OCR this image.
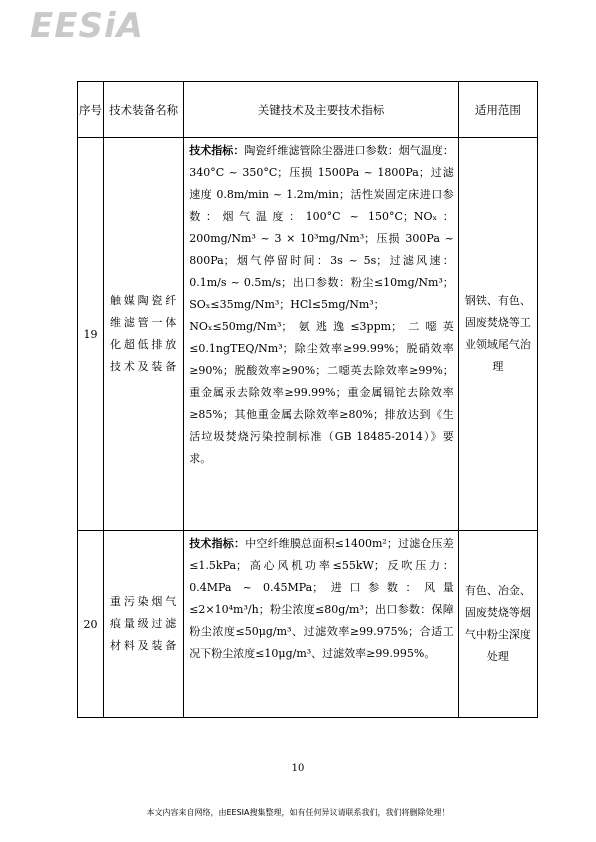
EESiA
序号	技术装备名称	关键技术及主要技术指标	适用范围
19	触媒陶瓷纤维滤管一体化超低排放技术及装备	技术指标：陶瓷纤维滤管除尘器进口参数：烟气温度：340°C ~ 350°C；压损 1500Pa ~ 1800Pa；过滤速度 0.8m/min ~ 1.2m/min；活性炭固定床进口参数：烟气温度：100°C ~ 150°C；NOₓ：200mg/Nm³ ~ 3 × 10³mg/Nm³；压损 300Pa ~ 800Pa；烟气停留时间：3s ~ 5s；过滤风速：0.1m/s ~ 0.5m/s；出口参数：粉尘≤10mg/Nm³；SOₓ≤35mg/Nm³；HCl≤5mg/Nm³；NOₓ≤50mg/Nm³；氨逃逸≤3ppm；二噁英≤0.1ngTEQ/Nm³；除尘效率≥99.99%；脱硝效率≥90%；脱酸效率≥90%；二噁英去除效率≥99%；重金属汞去除效率≥99.99%；重金属镉铊去除效率≥85%；其他重金属去除效率≥80%；排放达到《生活垃圾焚烧污染控制标准（GB 18485-2014）》要求。	钢铁、有色、固废焚烧等工业领域尾气治理
20	重污染烟气痕量级过滤材料及装备	技术指标：中空纤维膜总面积≤1400m²；过滤仓压差≤1.5kPa；高心风机功率≤55kW；反吹压力：0.4MPa ~ 0.45MPa；进口参数：风量≤2×10⁴m³/h；粉尘浓度≤80g/m³；出口参数：保障粉尘浓度≤50μg/m³、过滤效率≥99.975%；合适工况下粉尘浓度≤10μg/m³、过滤效率≥99.995%。	有色、冶金、固废焚烧等烟气中粉尘深度处理
10
本文内容来自网络，由EESIA搜集整理，如有任何异议请联系我们，我们将删除处理！
